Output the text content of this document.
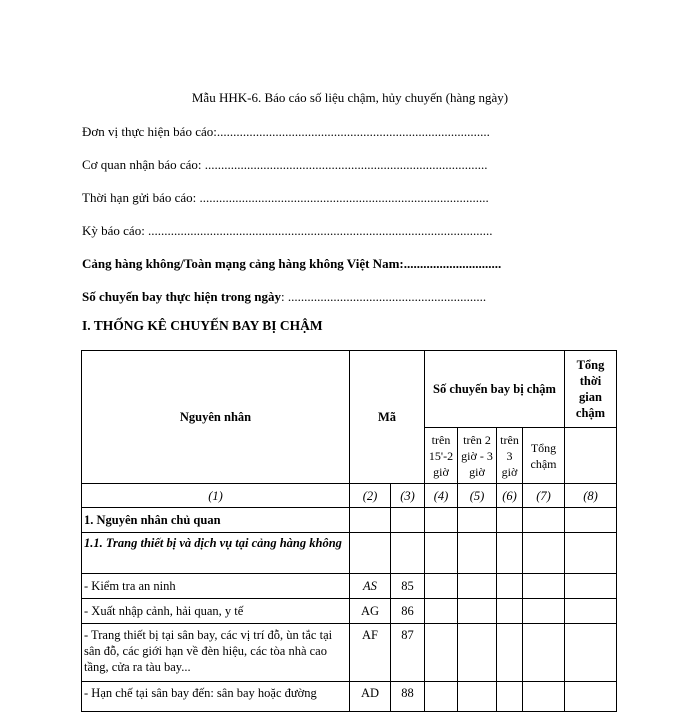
Mẫu HHK-6. Báo cáo số liệu chậm, hủy chuyến (hàng ngày)
Đơn vị thực hiện báo cáo:....................................................................................
Cơ quan nhận báo cáo: .......................................................................................
Thời hạn gửi báo cáo: .........................................................................................
Kỳ báo cáo: ..........................................................................................................
Cảng hàng không/Toàn mạng cảng hàng không Việt Nam:..............................
Số chuyến bay thực hiện trong ngày: .............................................................
I. THỐNG KÊ CHUYẾN BAY BỊ CHẬM
Nguyên nhân	Mã		Số chuyến bay bị chậm				Tổng thời gian chậm
			trên 15'-2 giờ	trên 2 giờ - 3 giờ	trên 3 giờ	Tổng chậm	
(1)	(2)	(3)	(4)	(5)	(6)	(7)	(8)
1. Nguyên nhân chủ quan							
1.1. Trang thiết bị và dịch vụ tại cảng hàng không							
- Kiểm tra an ninh	AS	85					
- Xuất nhập cảnh, hải quan, y tế	AG	86					
- Trang thiết bị tại sân bay, các vị trí đỗ, ùn tắc tại sân đỗ, các giới hạn về đèn hiệu, các tòa nhà cao tầng, cửa ra tàu bay...	AF	87					
- Hạn chế tại sân bay đến: sân bay hoặc đường	AD	88					
